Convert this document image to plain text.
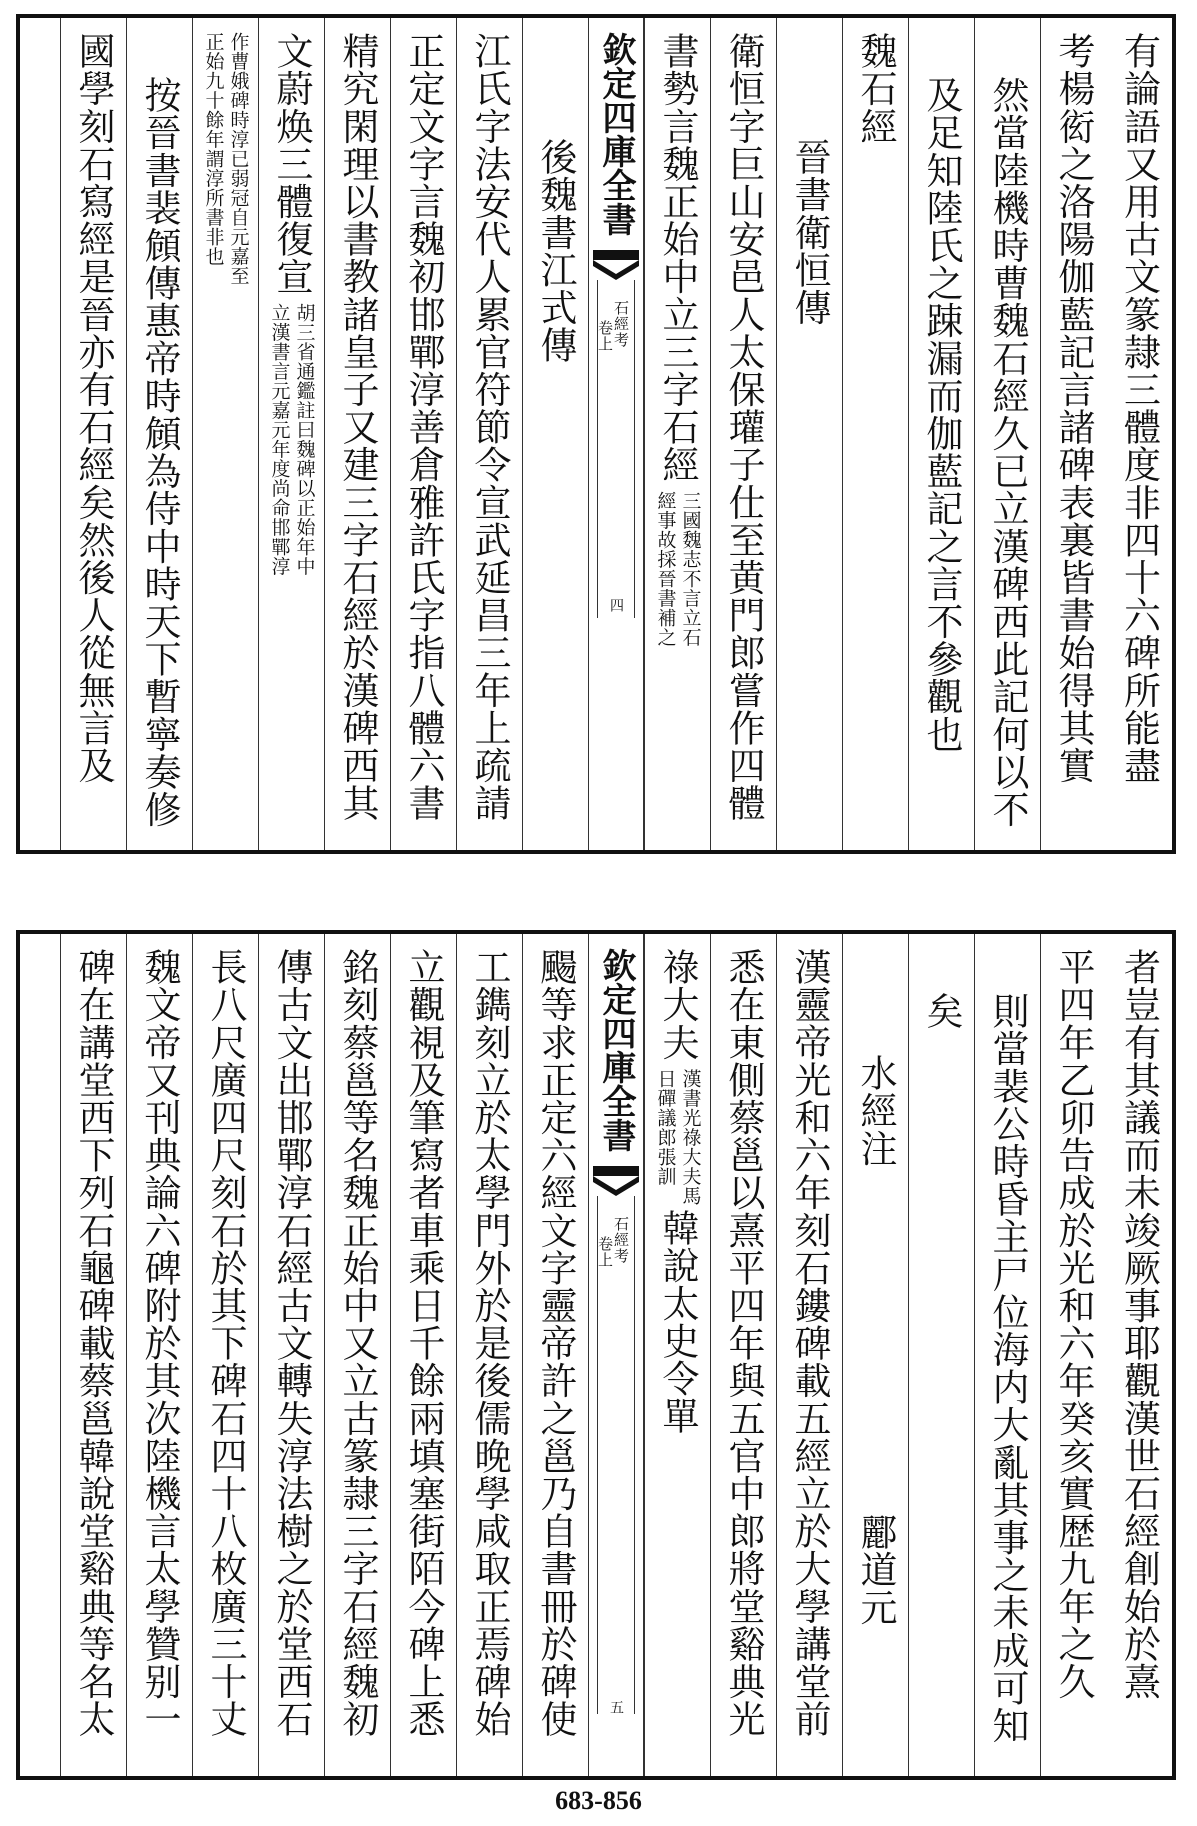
有論語又用古文篆隷三體度非四十六碑所能盡
考楊衒之洛陽伽藍記言諸碑表裏皆書始得其實
然當陸機時曹魏石經久已立漢碑西此記何以不
及足知陸氏之踈漏而伽藍記之言不參觀也
魏石經
晉書衛恒傳
衛恒字巨山安邑人太保瓘子仕至黄門郎嘗作四體
書勢言魏正始中立三字石經
三國魏志不言立石
經事故採晉書補之
欽定四庫全書
石經考
卷上
四
後魏書江式傳
江氏字法安代人累官符節令宣武延昌三年上疏請
正定文字言魏初邯鄲淳善倉雅許氏字指八體六書
精究閑理以書教諸皇子又建三字石經於漢碑西其
文蔚焕三體復宣
胡三省通鑑註曰魏碑以正始年中
立漢書言元嘉元年度尚命邯鄲淳
作曹娥碑時淳已弱冠自元嘉至
正始九十餘年謂淳所書非也
按晉書裴頠傳惠帝時頠為侍中時天下暫寧奏修
國學刻石寫經是晉亦有石經矣然後人從無言及
者豈有其議而未竣厥事耶觀漢世石經創始於熹
平四年乙卯告成於光和六年癸亥實歴九年之久
則當裴公時昏主尸位海内大亂其事之未成可知
矣
酈道元
水經注
漢靈帝光和六年刻石鏤碑載五經立於大學講堂前
悉在東側蔡邕以熹平四年與五官中郎將堂谿典光
祿大夫
漢書光祿大夫馬
日磾議郎張訓
韓說太史令單
欽定四庫全書
石經考
卷上
五
颺等求正定六經文字靈帝許之邕乃自書冊於碑使
工鐫刻立於太學門外於是後儒晚學咸取正焉碑始
立觀視及筆寫者車乘日千餘兩填塞街陌今碑上悉
銘刻蔡邕等名魏正始中又立古篆隷三字石經魏初
傳古文出邯鄲淳石經古文轉失淳法樹之於堂西石
長八尺廣四尺刻石於其下碑石四十八枚廣三十丈
魏文帝又刊典論六碑附於其次陸機言太學贊别一
碑在講堂西下列石龜碑載蔡邕韓說堂谿典等名太
683-856
